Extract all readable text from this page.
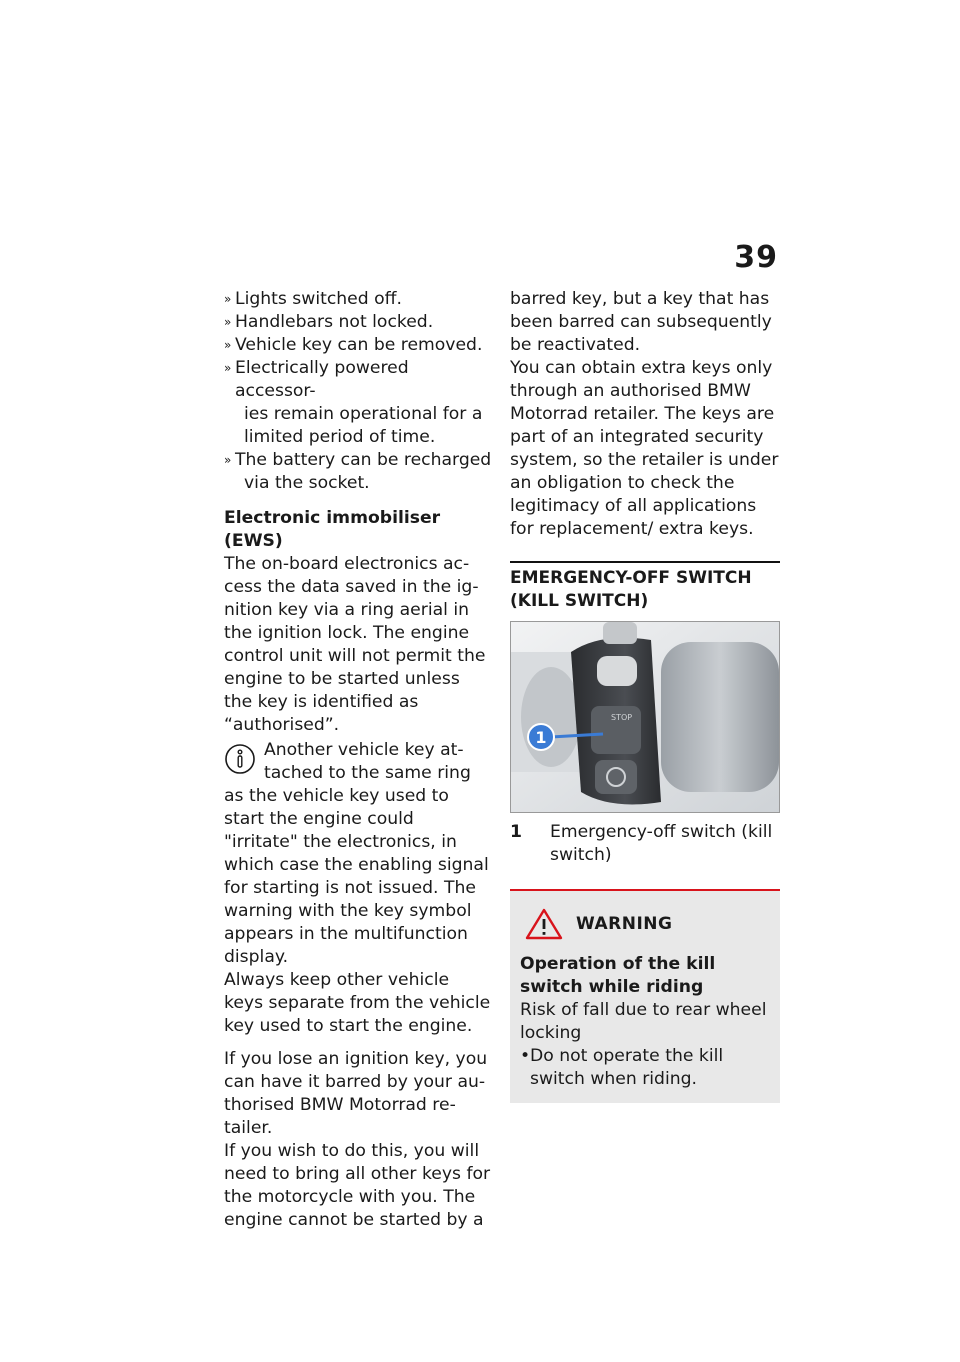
39
» Lights switched off.
» Handlebars not locked.
» Vehicle key can be removed.
» Electrically powered accessor-
ies remain operational for a
limited period of time.
» The battery can be recharged
via the socket.
Electronic immobiliser (EWS)

The on-board electronics access the data saved in the ignition key via a ring aerial in the ignition lock. The engine control unit will not permit the engine to be started unless the key is identified as “authorised”.

Another vehicle key attached to the same ring as the vehicle key used to start the engine could "irritate" the electronics, in which case the enabling signal for starting is not issued. The warning with the key symbol appears in the multifunction display.

Always keep other vehicle keys separate from the vehicle key used to start the engine.

If you lose an ignition key, you can have it barred by your authorised BMW Motorrad retailer.

If you wish to do this, you will need to bring all other keys for the motorcycle with you. The engine cannot be started by a

barred key, but a key that has been barred can subsequently be reactivated.

You can obtain extra keys only through an authorised BMW Motorrad retailer. The keys are part of an integrated security system, so the retailer is under an obligation to check the legitimacy of all applications for replacement/ extra keys.

EMERGENCY-OFF SWITCH
(KILL SWITCH)
STOP
1
1 Emergency-off switch (kill switch)
WARNING
Operation of the kill switch while riding

Risk of fall due to rear wheel locking

• Do not operate the kill switch when riding.
